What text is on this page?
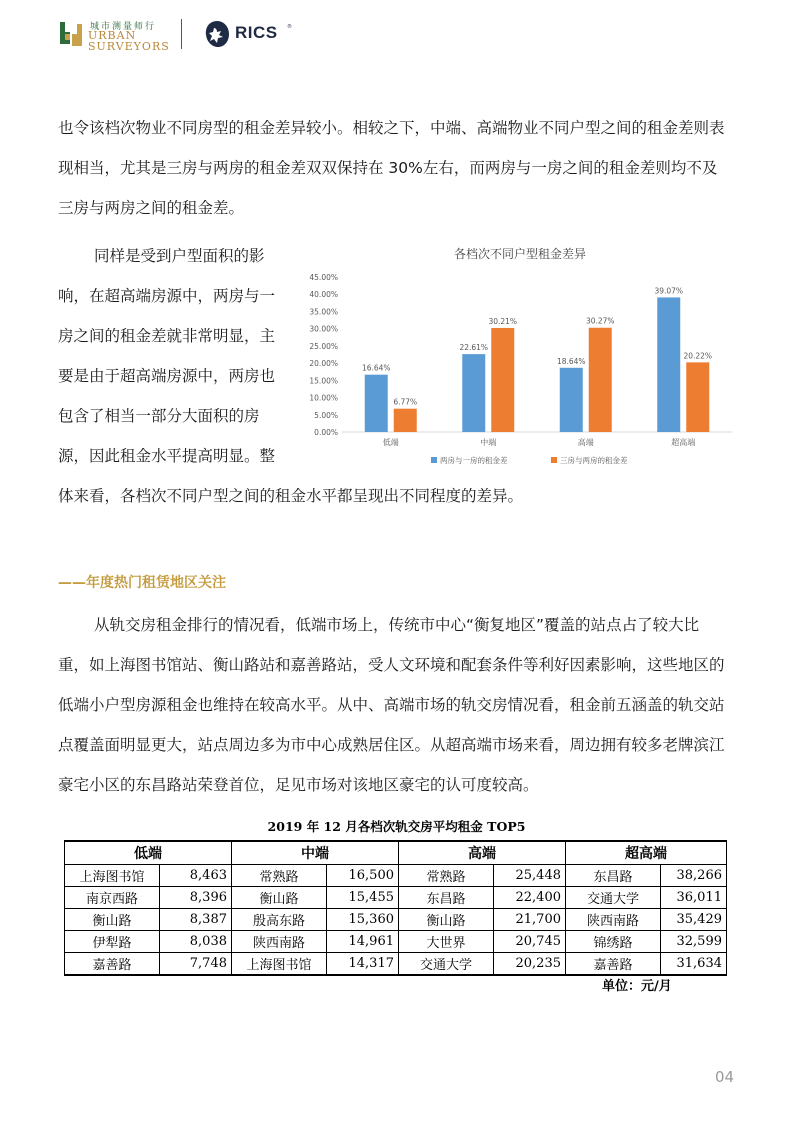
城市测量师行
URBAN
SURVEYORS
RICS ®

也令该档次物业不同房型的租金差异较小。相较之下，中端、高端物业不同户型之间的租金差则表

现相当，尤其是三房与两房的租金差双双保持在 30%左右，而两房与一房之间的租金差则均不及

三房与两房之间的租金差。

同样是受到户型面积的影

响，在超高端房源中，两房与一

房之间的租金差就非常明显，主

要是由于超高端房源中，两房也

包含了相当一部分大面积的房

源，因此租金水平提高明显。整

体来看，各档次不同户型之间的租金水平都呈现出不同程度的差异。

各档次不同户型租金差异
0.00%
5.00%
10.00%
15.00%
20.00%
25.00%
30.00%
35.00%
40.00%
45.00%
低端	中端	高端	超高端
16.64%
6.77%
22.61%
30.21%
18.64%
30.27%
39.07%
20.22%
两房与一房的租金差	三房与两房的租金差
——年度热门租赁地区关注

从轨交房租金排行的情况看，低端市场上，传统市中心“衡复地区”覆盖的站点占了较大比

重，如上海图书馆站、衡山路站和嘉善路站，受人文环境和配套条件等利好因素影响，这些地区的

低端小户型房源租金也维持在较高水平。从中、高端市场的轨交房情况看，租金前五涵盖的轨交站

点覆盖面明显更大，站点周边多为市中心成熟居住区。从超高端市场来看，周边拥有较多老牌滨江

豪宅小区的东昌路站荣登首位，足见市场对该地区豪宅的认可度较高。

2019 年 12 月各档次轨交房平均租金 TOP5
低端		中端		高端		超高端	
上海图书馆	8,463	常熟路	16,500	常熟路	25,448	东昌路	38,266
南京西路	8,396	衡山路	15,455	东昌路	22,400	交通大学	36,011
衡山路	8,387	殷高东路	15,360	衡山路	21,700	陕西南路	35,429
伊犁路	8,038	陕西南路	14,961	大世界	20,745	锦绣路	32,599
嘉善路	7,748	上海图书馆	14,317	交通大学	20,235	嘉善路	31,634
单位：元/月
04
